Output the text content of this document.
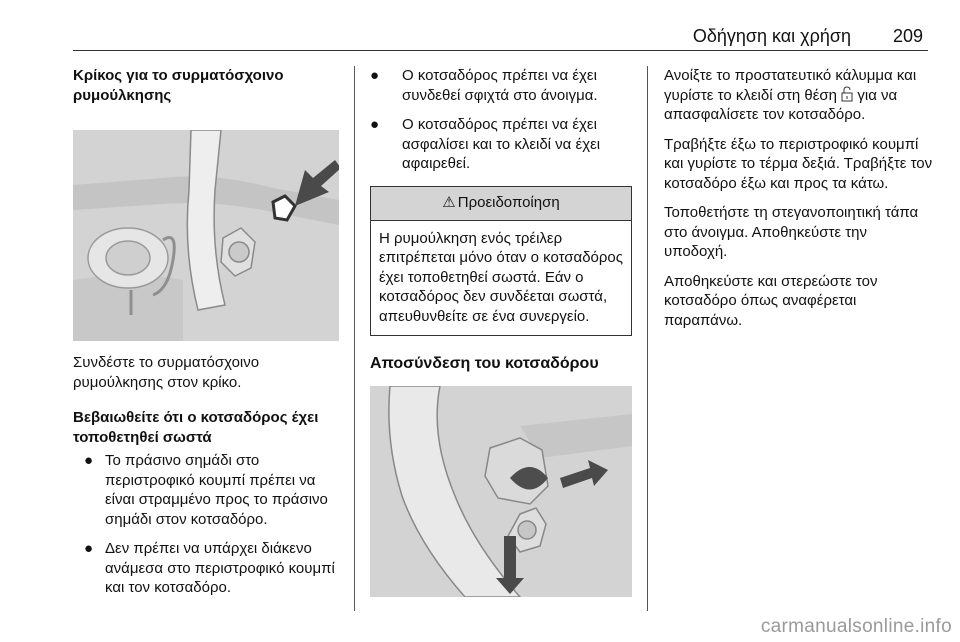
Οδήγηση και χρήση 209
Κρίκος για το συρματόσχοινο ρυμούλκησης
Συνδέστε το συρματόσχοινο ρυμούλκησης στον κρίκο.
Βεβαιωθείτε ότι ο κοτσαδόρος έχει τοποθετηθεί σωστά
● Το πράσινο σημάδι στο περιστροφικό κουμπί πρέπει να είναι στραμμένο προς το πράσινο σημάδι στον κοτσαδόρο.
● Δεν πρέπει να υπάρχει διάκενο ανάμεσα στο περιστροφικό κουμπί και τον κοτσαδόρο.
● Ο κοτσαδόρος πρέπει να έχει συνδεθεί σφιχτά στο άνοιγμα.
● Ο κοτσαδόρος πρέπει να έχει ασφαλίσει και το κλειδί να έχει αφαιρεθεί.
⚠ Προειδοποίηση
Η ρυμούλκηση ενός τρέιλερ επιτρέπεται μόνο όταν ο κοτσαδόρος έχει τοποθετηθεί σωστά. Εάν ο κοτσαδόρος δεν συνδέεται σωστά, απευθυνθείτε σε ένα συνεργείο.
Αποσύνδεση του κοτσαδόρου
Ανοίξτε το προστατευτικό κάλυμμα και γυρίστε το κλειδί στη θέση  για να απασφαλίσετε τον κοτσαδόρο.
Τραβήξτε έξω το περιστροφικό κουμπί και γυρίστε το τέρμα δεξιά. Τραβήξτε τον κοτσαδόρο έξω και προς τα κάτω.
Τοποθετήστε τη στεγανοποιητική τάπα στο άνοιγμα. Αποθηκεύστε την υποδοχή.
Αποθηκεύστε και στερεώστε τον κοτσαδόρο όπως αναφέρεται παραπάνω.
carmanualsonline.info
